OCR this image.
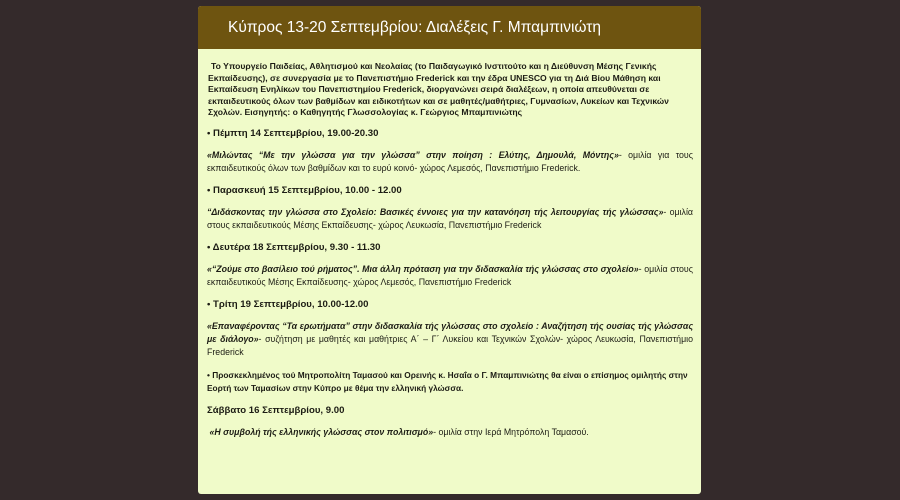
Κύπρος 13-20 Σεπτεμβρίου: Διαλέξεις Γ. Μπαμπινιώτη

Το Υπουργείο Παιδείας, Αθλητισμού και Νεολαίας (το Παιδαγωγικό Ινστιτούτο και η Διεύθυνση Μέσης Γενικής Εκπαίδευσης), σε συνεργασία με το Πανεπιστήμιο Frederick και την έδρα UNESCO για τη Διά Βίου Μάθηση και Εκπαίδευση Ενηλίκων του Πανεπιστημίου Frederick, διοργανώνει σειρά διαλέξεων, η οποία απευθύνεται σε εκπαιδευτικούς όλων των βαθμίδων και ειδικοτήτων και σε μαθητές/μαθήτριες, Γυμνασίων, Λυκείων και Τεχνικών Σχολών. Εισηγητής: ο Καθηγητής Γλωσσολογίας κ. Γεώργιος Μπαμπινιώτης

• Πέμπτη 14 Σεπτεμβρίου, 19.00-20.30

«Μιλώντας “Με την γλώσσα για την γλώσσα” στην ποίηση : Ελύτης, Δημουλά, Μόντης»- ομιλία για τους εκπαιδευτικούς όλων των βαθμίδων και το ευρύ κοινό- χώρος Λεμεσός, Πανεπιστήμιο Frederick.

• Παρασκευή 15 Σεπτεμβρίου, 10.00 - 12.00

“Διδάσκοντας την γλώσσα στο Σχολείο: Βασικές έννοιες για την κατανόηση τής λειτουργίας τής γλώσσας»- ομιλία στους εκπαιδευτικούς Μέσης Εκπαίδευσης- χώρος Λευκωσία, Πανεπιστήμιο Frederick

• Δευτέρα 18 Σεπτεμβρίου, 9.30 - 11.30

«“Ζούμε στο βασίλειο τού ρήματος”. Μια άλλη πρόταση για την διδασκαλία τής γλώσσας στο σχολείο»- ομιλία στους εκπαιδευτικούς Μέσης Εκπαίδευσης- χώρος Λεμεσός, Πανεπιστήμιο Frederick

• Τρίτη 19 Σεπτεμβρίου, 10.00-12.00

«Επαναφέροντας “Τα ερωτήματα” στην διδασκαλία τής γλώσσας στο σχολείο : Αναζήτηση τής ουσίας τής γλώσσας με διάλογο»- συζήτηση με μαθητές και μαθήτριες Α΄ – Γ΄ Λυκείου και Τεχνικών Σχολών- χώρος Λευκωσία, Πανεπιστήμιο Frederick

• Προσκεκλημένος τού Μητροπολίτη Ταμασού και Ορεινής κ. Ησαΐα ο Γ. Μπαμπινιώτης θα είναι ο επίσημος ομιλητής στην Εορτή των Ταμασίων στην Κύπρο με θέμα την ελληνική γλώσσα.

Σάββατο 16 Σεπτεμβρίου, 9.00

«Η συμβολή τής ελληνικής γλώσσας στον πολιτισμό»- ομιλία στην Ιερά Μητρόπολη Ταμασού.
